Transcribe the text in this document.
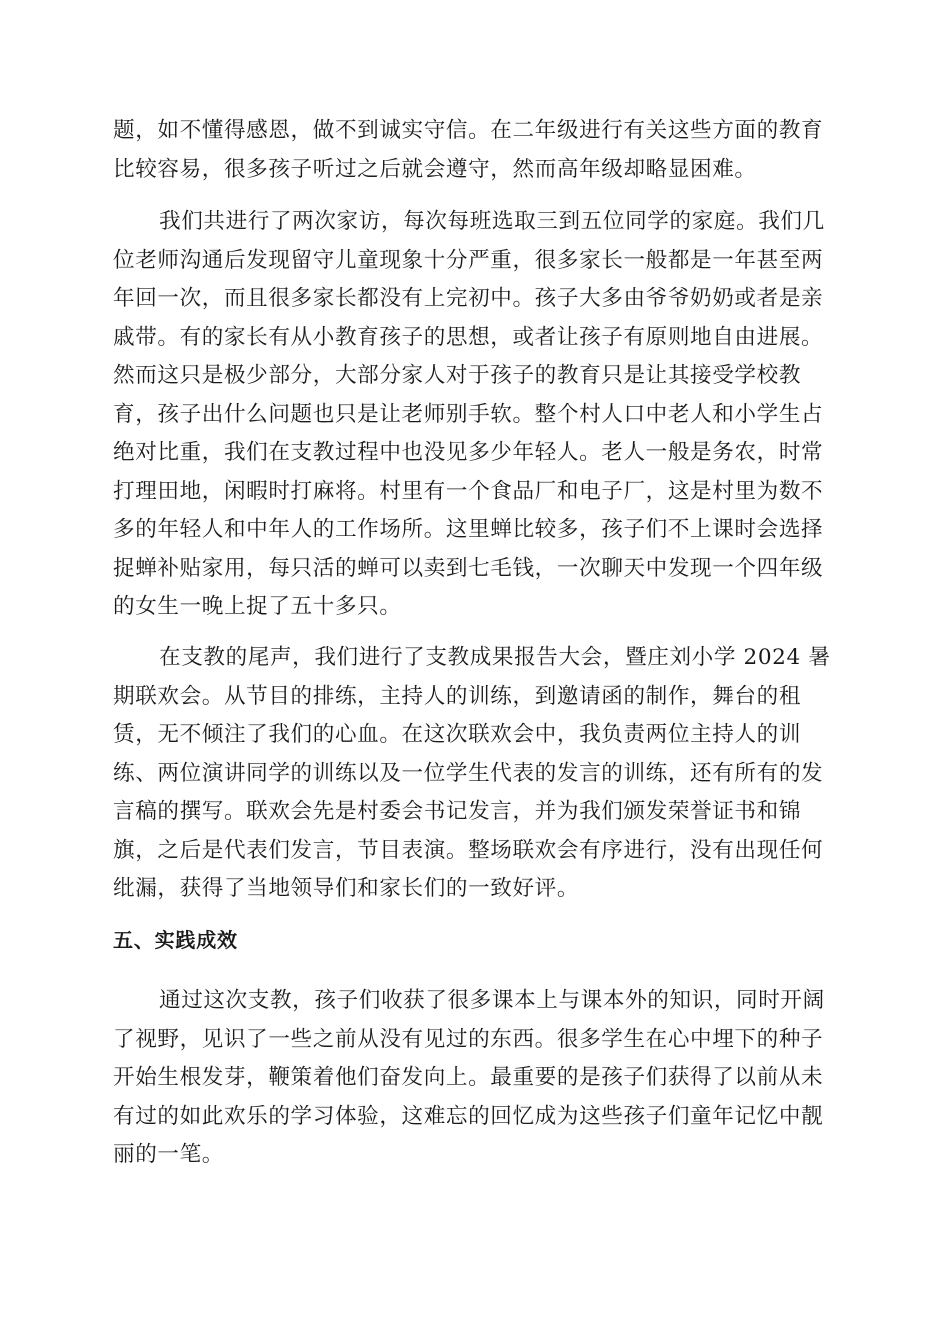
题，如不懂得感恩，做不到诚实守信。在二年级进行有关这些方面的教育
比较容易，很多孩子听过之后就会遵守，然而高年级却略显困难。
我们共进行了两次家访，每次每班选取三到五位同学的家庭。我们几
位老师沟通后发现留守儿童现象十分严重，很多家长一般都是一年甚至两
年回一次，而且很多家长都没有上完初中。孩子大多由爷爷奶奶或者是亲
戚带。有的家长有从小教育孩子的思想，或者让孩子有原则地自由进展。
然而这只是极少部分，大部分家人对于孩子的教育只是让其接受学校教
育，孩子出什么问题也只是让老师别手软。整个村人口中老人和小学生占
绝对比重，我们在支教过程中也没见多少年轻人。老人一般是务农，时常
打理田地，闲暇时打麻将。村里有一个食品厂和电子厂，这是村里为数不
多的年轻人和中年人的工作场所。这里蝉比较多，孩子们不上课时会选择
捉蝉补贴家用，每只活的蝉可以卖到七毛钱，一次聊天中发现一个四年级
的女生一晚上捉了五十多只。
在支教的尾声，我们进行了支教成果报告大会，暨庄刘小学 2024 暑
期联欢会。从节目的排练，主持人的训练，到邀请函的制作，舞台的租
赁，无不倾注了我们的心血。在这次联欢会中，我负责两位主持人的训
练、两位演讲同学的训练以及一位学生代表的发言的训练，还有所有的发
言稿的撰写。联欢会先是村委会书记发言，并为我们颁发荣誉证书和锦
旗，之后是代表们发言，节目表演。整场联欢会有序进行，没有出现任何
纰漏，获得了当地领导们和家长们的一致好评。
五、实践成效
通过这次支教，孩子们收获了很多课本上与课本外的知识，同时开阔
了视野，见识了一些之前从没有见过的东西。很多学生在心中埋下的种子
开始生根发芽，鞭策着他们奋发向上。最重要的是孩子们获得了以前从未
有过的如此欢乐的学习体验，这难忘的回忆成为这些孩子们童年记忆中靓
丽的一笔。
